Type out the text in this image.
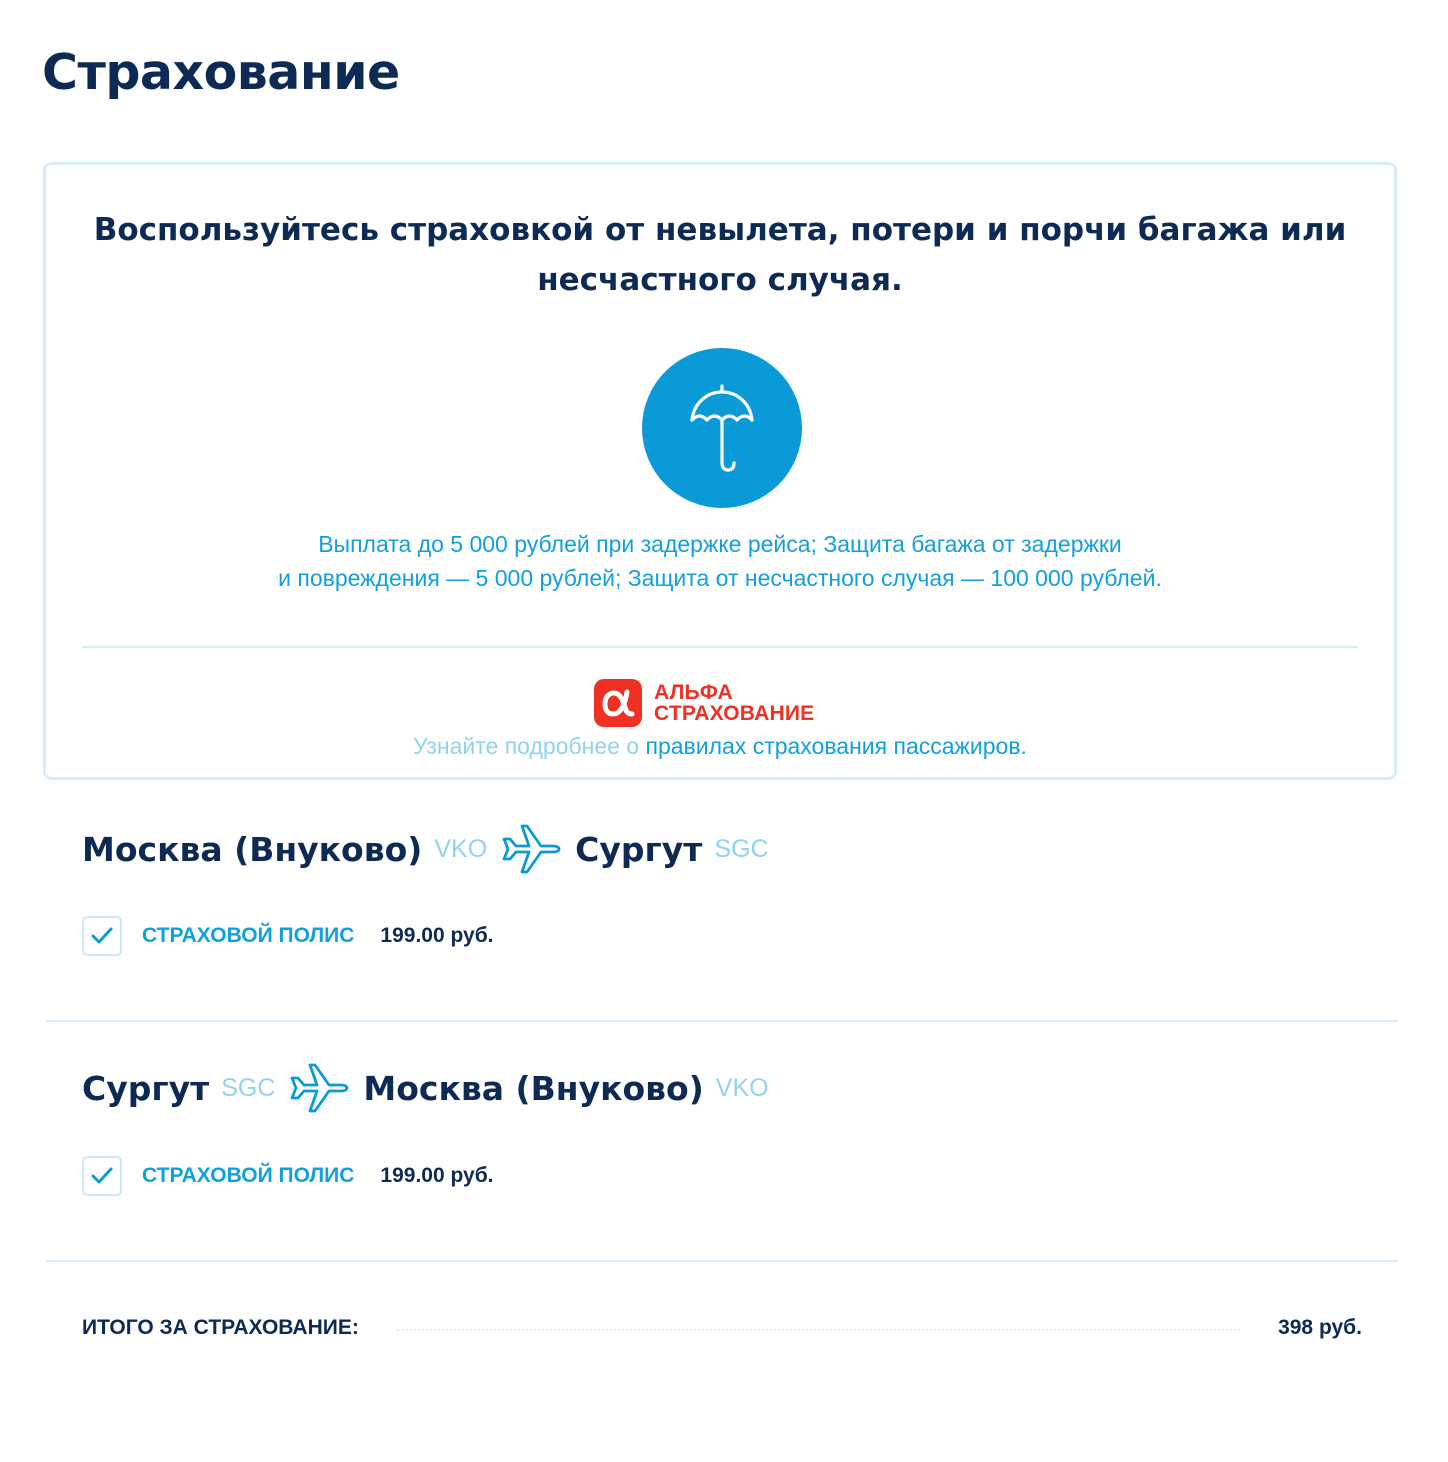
Страхование

Воспользуйтесь страховкой от невылета, потери и порчи багажа или
несчастного случая.

Выплата до 5 000 рублей при задержке рейса; Защита багажа от задержки
и повреждения — 5 000 рублей; Защита от несчастного случая — 100 000 рублей.
АЛЬФА
СТРАХОВАНИЕ
Узнайте подробнее о правилах страхования пассажиров.
Москва (Внуково) VKO	Сургут SGC
СТРАХОВОЙ ПОЛИС 199.00 руб.
Сургут SGC	Москва (Внуково) VKO
СТРАХОВОЙ ПОЛИС 199.00 руб.
ИТОГО ЗА СТРАХОВАНИЕ:	398 руб.
